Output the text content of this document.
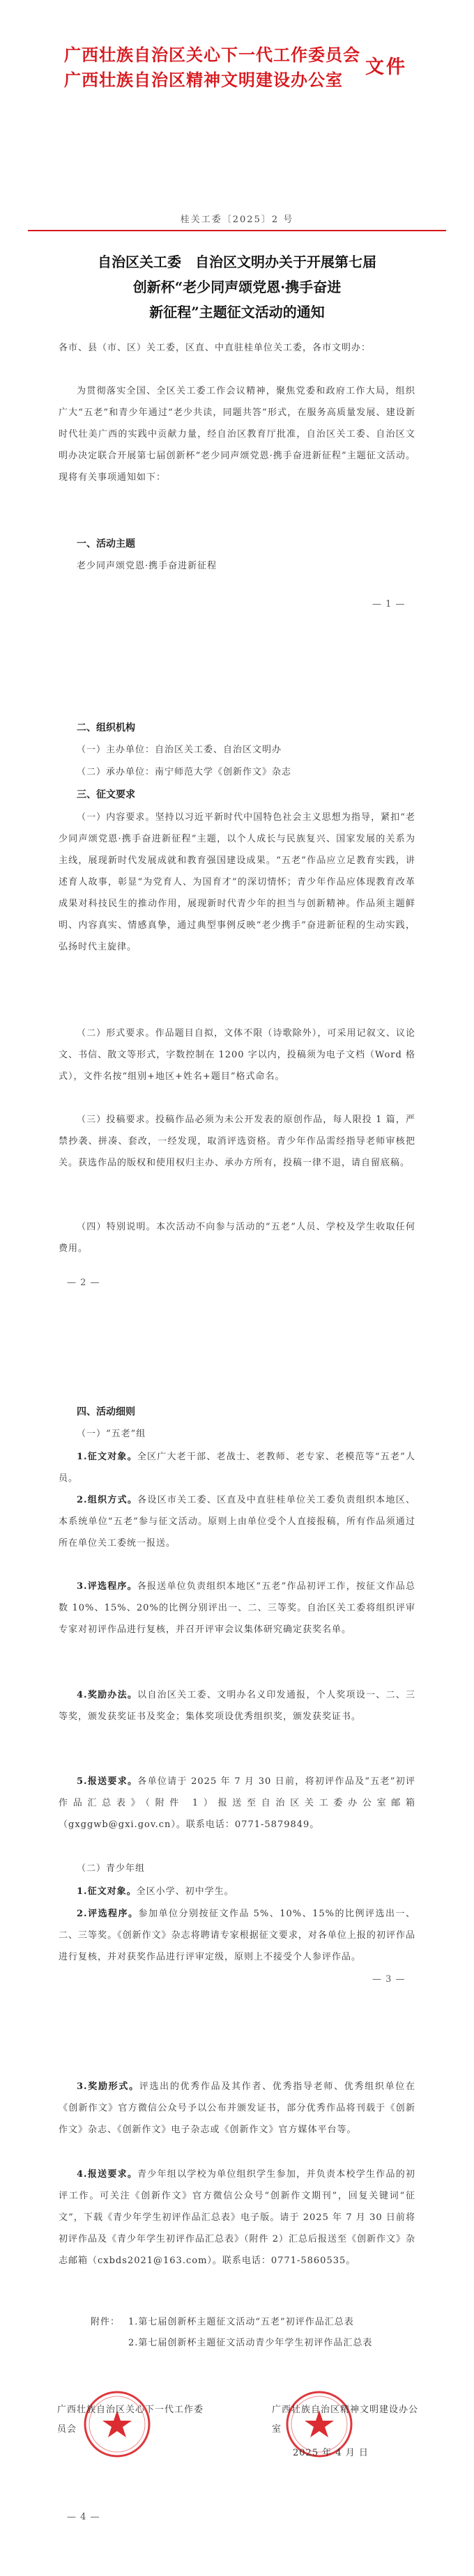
广西壮族自治区关心下一代工作委员会
广西壮族自治区精神文明建设办公室
文件
桂关工委〔2025〕2 号
自治区关工委　自治区文明办关于开展第七届
创新杯“老少同声颂党恩·携手奋进
新征程”主题征文活动的通知
各市、县（市、区）关工委，区直、中直驻桂单位关工委，各市文明办：
为贯彻落实全国、全区关工委工作会议精神，聚焦党委和政府工作大局，组织广大“五老”和青少年通过“老少共读，同题共答”形式，在服务高质量发展、建设新时代壮美广西的实践中贡献力量，经自治区教育厅批准，自治区关工委、自治区文明办决定联合开展第七届创新杯“老少同声颂党恩·携手奋进新征程”主题征文活动。现将有关事项通知如下：
一、活动主题
老少同声颂党恩·携手奋进新征程
— 1 —
二、组织机构
（一）主办单位：自治区关工委、自治区文明办
（二）承办单位：南宁师范大学《创新作文》杂志
三、征文要求
（一）内容要求。坚持以习近平新时代中国特色社会主义思想为指导，紧扣“老少同声颂党恩·携手奋进新征程”主题，以个人成长与民族复兴、国家发展的关系为主线，展现新时代发展成就和教育强国建设成果。“五老”作品应立足教育实践，讲述育人故事，彰显“为党育人、为国育才”的深切情怀；青少年作品应体现教育改革成果对科技民生的推动作用，展现新时代青少年的担当与创新精神。作品须主题鲜明、内容真实、情感真挚，通过典型事例反映“老少携手”奋进新征程的生动实践，弘扬时代主旋律。
（二）形式要求。作品题目自拟，文体不限（诗歌除外），可采用记叙文、议论文、书信、散文等形式，字数控制在 1200 字以内，投稿须为电子文档（Word 格式），文件名按“组别+地区+姓名+题目”格式命名。
（三）投稿要求。投稿作品必须为未公开发表的原创作品，每人限投 1 篇，严禁抄袭、拼凑、套改，一经发现，取消评选资格。青少年作品需经指导老师审核把关。获选作品的版权和使用权归主办、承办方所有，投稿一律不退，请自留底稿。
（四）特别说明。本次活动不向参与活动的“五老”人员、学校及学生收取任何费用。
— 2 —
四、活动细则
（一）“五老”组
1.征文对象。全区广大老干部、老战士、老教师、老专家、老模范等“五老”人员。
2.组织方式。各设区市关工委、区直及中直驻桂单位关工委负责组织本地区、本系统单位“五老”参与征文活动。原则上由单位受个人直接报稿，所有作品须通过所在单位关工委统一报送。
3.评选程序。各报送单位负责组织本地区“五老”作品初评工作，按征文作品总数 10%、15%、20%的比例分别评出一、二、三等奖。自治区关工委将组织评审专家对初评作品进行复核，并召开评审会议集体研究确定获奖名单。
4.奖励办法。以自治区关工委、文明办名义印发通报，个人奖项设一、二、三等奖，颁发获奖证书及奖金；集体奖项设优秀组织奖，颁发获奖证书。
5.报送要求。各单位请于 2025 年 7 月 30 日前，将初评作品及“五老”初评作品汇总表》（附件 1）报送至自治区关工委办公室邮箱（gxggwb@gxi.gov.cn）。联系电话：0771-5879849。
（二）青少年组
1.征文对象。全区小学、初中学生。
2.评选程序。参加单位分别按征文作品 5%、10%、15%的比例评选出一、二、三等奖。《创新作文》杂志将聘请专家根据征文要求，对各单位上报的初评作品进行复核，并对获奖作品进行评审定级，原则上不接受个人参评作品。
— 3 —
3.奖励形式。评选出的优秀作品及其作者、优秀指导老师、优秀组织单位在《创新作文》官方微信公众号予以公布并颁发证书，部分优秀作品将刊载于《创新作文》杂志、《创新作文》电子杂志或《创新作文》官方媒体平台等。
4.报送要求。青少年组以学校为单位组织学生参加，并负责本校学生作品的初评工作。可关注《创新作文》官方微信公众号“创新作文期刊”，回复关键词“征文”，下载《青少年学生初评作品汇总表》电子版。请于 2025 年 7 月 30 日前将初评作品及《青少年学生初评作品汇总表》（附件 2）汇总后报送至《创新作文》杂志邮箱（cxbds2021@163.com）。联系电话：0771-5860535。
附件： 1.第七届创新杯主题征文活动“五老”初评作品汇总表
2.第七届创新杯主题征文活动青少年学生初评作品汇总表
广西壮族自治区关心下一代工作委员会
广西壮族自治区精神文明建设办公室
2025 年 4 月 日
— 4 —
